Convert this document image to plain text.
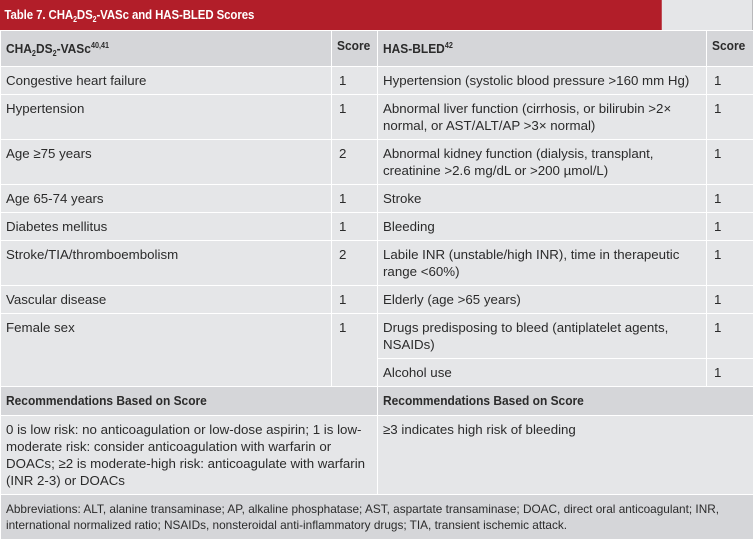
Table 7. $CHA_2DS_2$-VASc and HAS-BLED Scores
$CHA_2DS_2-VASc^{40,41}$	Score	HAS-BLED$^{42}$	Score
Congestive heart failure	1	Hypertension (systolic blood pressure >160 mm Hg)	1
Hypertension	1	Abnormal liver function (cirrhosis, or bilirubin >2× normal, or AST/ALT/AP >3× normal)	1
Age ≥75 years	2	Abnormal kidney function (dialysis, transplant, creatinine >2.6 mg/dL or >200 µmol/L)	1
Age 65-74 years	1	Stroke	1
Diabetes mellitus	1	Bleeding	1
Stroke/TIA/thromboembolism	2	Labile INR (unstable/high INR), time in therapeutic range <60%)	1
Vascular disease	1	Elderly (age >65 years)	1
Female sex	1	Drugs predisposing to bleed (antiplatelet agents, NSAIDs)	1
		Alcohol use	1
Recommendations Based on Score		Recommendations Based on Score	
0 is low risk: no anticoagulation or low-dose aspirin; 1 is low-moderate risk: consider anticoagulation with warfarin or DOACs; ≥2 is moderate-high risk: anticoagulate with warfarin (INR 2-3) or DOACs		≥3 indicates high risk of bleeding	
Abbreviations: ALT, alanine transaminase; AP, alkaline phosphatase; AST, aspartate transaminase; DOAC, direct oral anticoagulant; INR, international normalized ratio; NSAIDs, nonsteroidal anti-inflammatory drugs; TIA, transient ischemic attack.			
